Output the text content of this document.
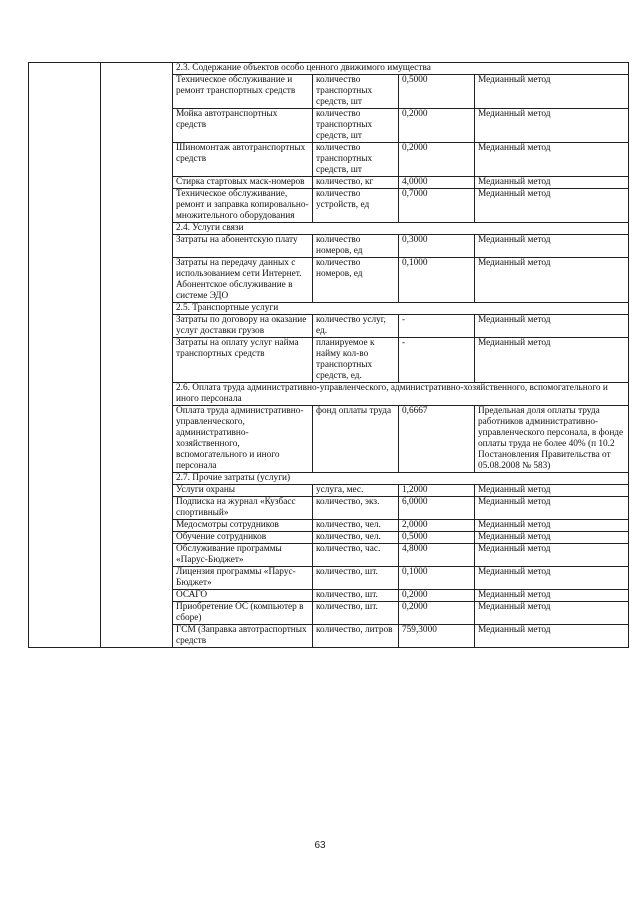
		2.3. Содержание объектов особо ценного движимого имущества			
		Техническое обслуживание и ремонт транспортных средств	количество транспортных средств, шт	0,5000	Медианный метод
		Мойка автотранспортных средств	количество транспортных средств, шт	0,2000	Медианный метод
		Шиномонтаж автотранспортных средств	количество транспортных средств, шт	0,2000	Медианный метод
		Стирка стартовых маск-номеров	количество, кг	4,0000	Медианный метод
		Техническое обслуживание, ремонт и заправка копировально-множительного оборудования	количество устройств, ед	0,7000	Медианный метод
		2.4. Услуги связи			
		Затраты на абонентскую плату	количество номеров, ед	0,3000	Медианный метод
		Затраты на передачу данных с использованием сети Интернет. Абонентское обслуживание в системе ЭДО	количество номеров, ед	0,1000	Медианный метод
		2.5. Транспортные услуги			
		Затраты по договору на оказание услуг доставки грузов	количество услуг, ед.	-	Медианный метод
		Затраты на оплату услуг найма транспортных средств	планируемое к найму кол-во транспортных средств, ед.	-	Медианный метод
		2.6. Оплата труда административно-управленческого, административно-хозяйственного, вспомогательного и иного персонала			
		Оплата труда административно-управленческого, административно-хозяйственного, вспомогательного и иного персонала	фонд оплаты труда	0,6667	Предельная доля оплаты труда работников административно-управленческого персонала, в фонде оплаты труда не более 40% (п 10.2 Постановления Правительства от 05.08.2008 № 583)
		2.7. Прочие затраты (услуги)			
		Услуги охраны	услуга, мес.	1,2000	Медианный метод
		Подписка на журнал «Кузбасс спортивный»	количество, экз.	6,0000	Медианный метод
		Медосмотры сотрудников	количество, чел.	2,0000	Медианный метод
		Обучение сотрудников	количество, чел.	0,5000	Медианный метод
		Обслуживание программы «Парус-Бюджет»	количество, час.	4,8000	Медианный метод
		Лицензия программы «Парус-Бюджет»	количество, шт.	0,1000	Медианный метод
		ОСАГО	количество, шт.	0,2000	Медианный метод
		Приобретение ОС (компьютер в сборе)	количество, шт.	0,2000	Медианный метод
		ГСМ (Заправка автотраспортных средств	количество, литров	759,3000	Медианный метод
63
